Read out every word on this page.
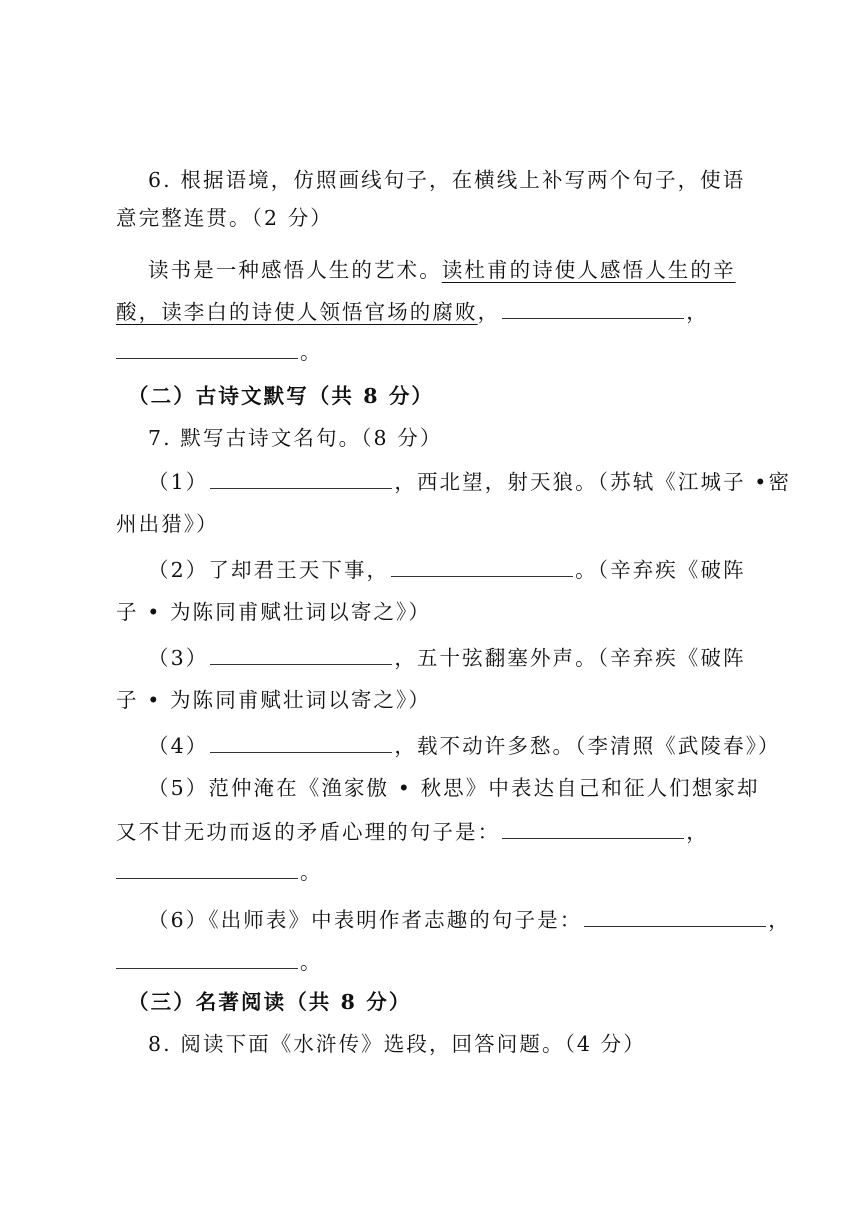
6. 根据语境，仿照画线句子，在横线上补写两个句子，使语
意完整连贯。（2 分）
读书是一种感悟人生的艺术。读杜甫的诗使人感悟人生的辛
酸，读李白的诗使人领悟官场的腐败，	，
。
（二）古诗文默写（共 8 分）
7. 默写古诗文名句。（8 分）
（1）	，西北望，射天狼。（苏轼《江城子 •密
州出猎》）
（2）了却君王天下事，	。（辛弃疾《破阵
子 • 为陈同甫赋壮词以寄之》）
（3）	，五十弦翻塞外声。（辛弃疾《破阵
子 • 为陈同甫赋壮词以寄之》）
（4）	，载不动许多愁。（李清照《武陵春》）
（5）范仲淹在《渔家傲 • 秋思》中表达自己和征人们想家却
又不甘无功而返的矛盾心理的句子是：	，
。
（6）《出师表》中表明作者志趣的句子是：	，
。
（三）名著阅读（共 8 分）
8. 阅读下面《水浒传》选段，回答问题。（4 分）
